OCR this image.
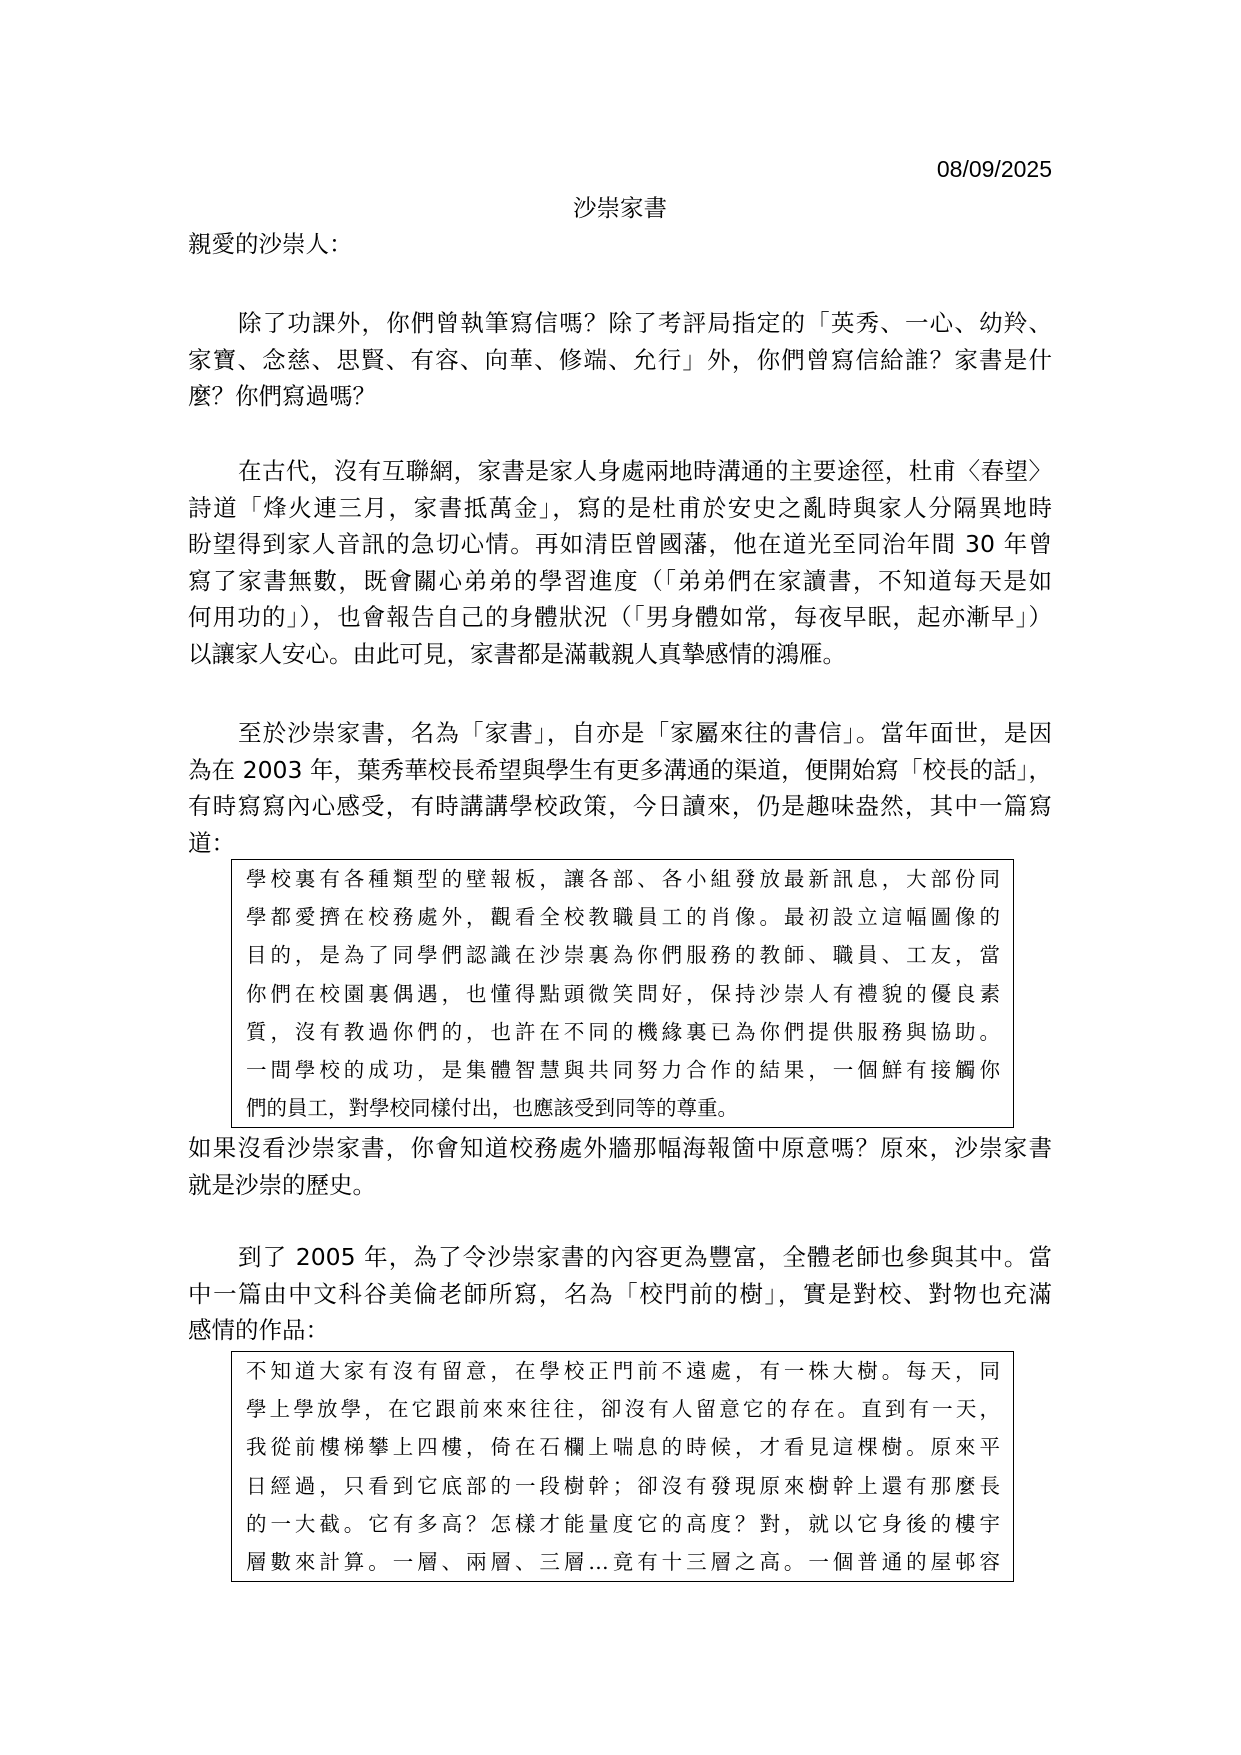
08/09/2025
沙崇家書
親愛的沙崇人：
除了功課外，你們曾執筆寫信嗎？除了考評局指定的「英秀、一心、幼羚、
家寶、念慈、思賢、有容、向華、修端、允行」外，你們曾寫信給誰？家書是什
麼？你們寫過嗎？
在古代，沒有互聯網，家書是家人身處兩地時溝通的主要途徑，杜甫〈春望〉
詩道「烽火連三月，家書抵萬金」，寫的是杜甫於安史之亂時與家人分隔異地時
盼望得到家人音訊的急切心情。再如清臣曾國藩，他在道光至同治年間 30 年曾
寫了家書無數，既會關心弟弟的學習進度（「弟弟們在家讀書，不知道每天是如
何用功的」），也會報告自己的身體狀況（「男身體如常，每夜早眠，起亦漸早」）
以讓家人安心。由此可見，家書都是滿載親人真摯感情的鴻雁。
至於沙崇家書，名為「家書」，自亦是「家屬來往的書信」。當年面世，是因
為在 2003 年，葉秀華校長希望與學生有更多溝通的渠道，便開始寫「校長的話」，
有時寫寫內心感受，有時講講學校政策，今日讀來，仍是趣味盎然，其中一篇寫
道：
學校裏有各種類型的壁報板，讓各部、各小組發放最新訊息，大部份同
學都愛擠在校務處外，觀看全校教職員工的肖像。最初設立這幅圖像的
目的，是為了同學們認識在沙崇裏為你們服務的教師、職員、工友，當
你們在校園裏偶遇，也懂得點頭微笑問好，保持沙崇人有禮貌的優良素
質，沒有教過你們的，也許在不同的機緣裏已為你們提供服務與協助。
一間學校的成功，是集體智慧與共同努力合作的結果，一個鮮有接觸你
們的員工，對學校同樣付出，也應該受到同等的尊重。
如果沒看沙崇家書，你會知道校務處外牆那幅海報箇中原意嗎？原來，沙崇家書
就是沙崇的歷史。
到了 2005 年，為了令沙崇家書的內容更為豐富，全體老師也參與其中。當
中一篇由中文科谷美倫老師所寫，名為「校門前的樹」，實是對校、對物也充滿
感情的作品：
不知道大家有沒有留意，在學校正門前不遠處，有一株大樹。每天，同
學上學放學，在它跟前來來往往，卻沒有人留意它的存在。直到有一天，
我從前樓梯攀上四樓，倚在石欄上喘息的時候，才看見這棵樹。原來平
日經過，只看到它底部的一段樹幹；卻沒有發現原來樹幹上還有那麼長
的一大截。它有多高？怎樣才能量度它的高度？對，就以它身後的樓宇
層數來計算。一層、兩層、三層…竟有十三層之高。一個普通的屋邨容
